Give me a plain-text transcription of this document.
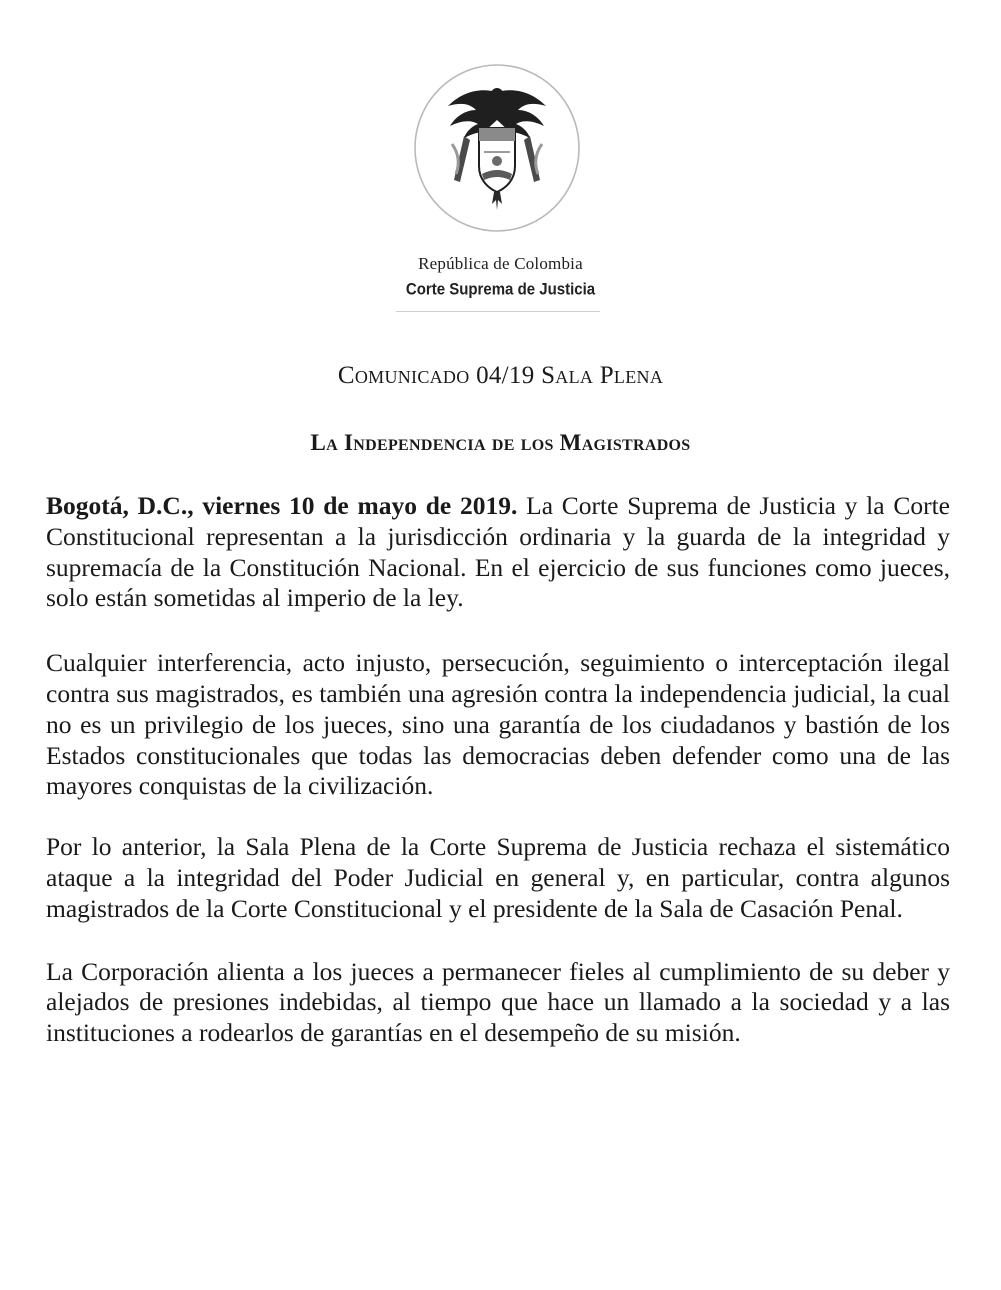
República de Colombia
Corte Suprema de Justicia
Comunicado 04/19 Sala Plena
La Independencia de los Magistrados

Bogotá, D.C., viernes 10 de mayo de 2019. La Corte Suprema de Justicia y la Corte Constitucional representan a la jurisdicción ordinaria y la guarda de la integridad y supremacía de la Constitución Nacional. En el ejercicio de sus funciones como jueces, solo están sometidas al imperio de la ley.

Cualquier interferencia, acto injusto, persecución, seguimiento o interceptación ilegal contra sus magistrados, es también una agresión contra la independencia judicial, la cual no es un privilegio de los jueces, sino una garantía de los ciudadanos y bastión de los Estados constitucionales que todas las democracias deben defender como una de las mayores conquistas de la civilización.

Por lo anterior, la Sala Plena de la Corte Suprema de Justicia rechaza el sistemático ataque a la integridad del Poder Judicial en general y, en particular, contra algunos magistrados de la Corte Constitucional y el presidente de la Sala de Casación Penal.

La Corporación alienta a los jueces a permanecer fieles al cumplimiento de su deber y alejados de presiones indebidas, al tiempo que hace un llamado a la sociedad y a las instituciones a rodearlos de garantías en el desempeño de su misión.
